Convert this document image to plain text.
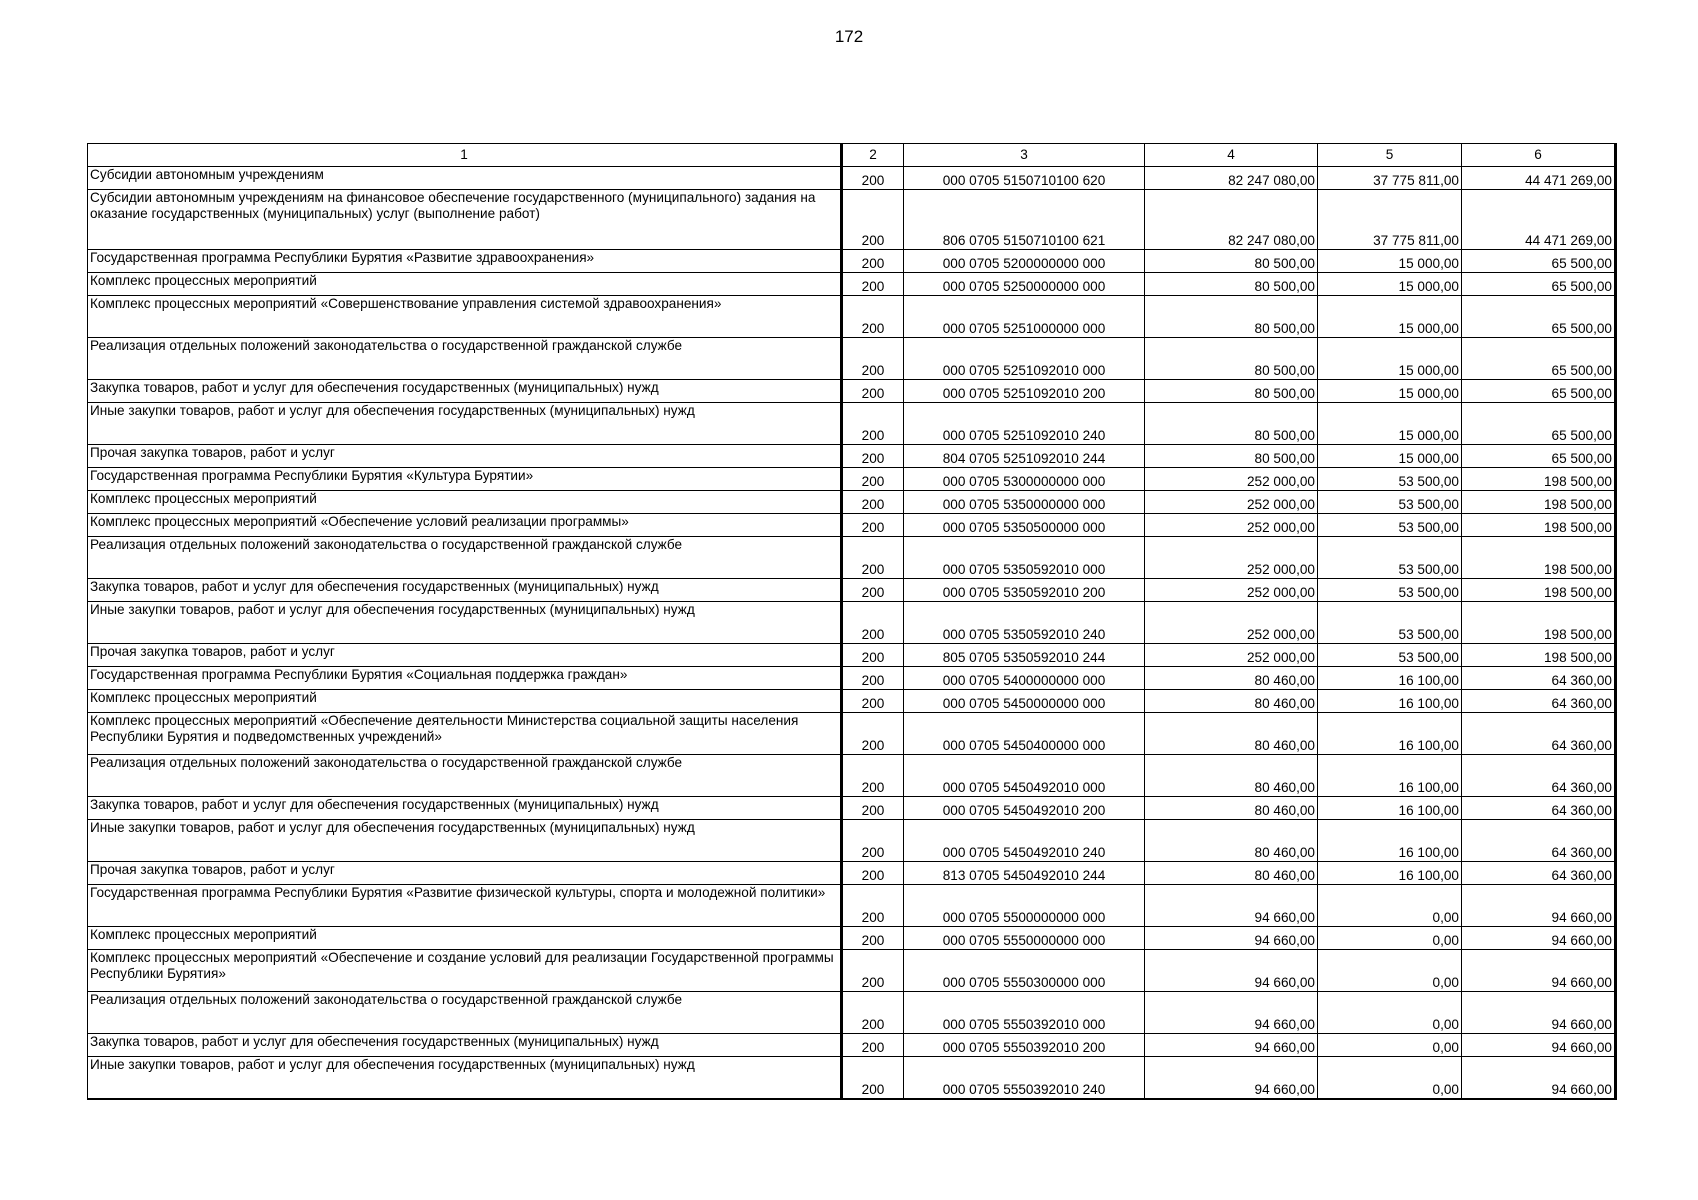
172
1	2	3	4	5	6
Субсидии автономным учреждениям	200	000 0705 5150710100 620	82 247 080,00	37 775 811,00	44 471 269,00
Субсидии автономным учреждениям на финансовое обеспечение государственного (муниципального) задания на оказание государственных (муниципальных) услуг (выполнение работ)	200	806 0705 5150710100 621	82 247 080,00	37 775 811,00	44 471 269,00
Государственная программа Республики Бурятия «Развитие здравоохранения»	200	000 0705 5200000000 000	80 500,00	15 000,00	65 500,00
Комплекс процессных мероприятий	200	000 0705 5250000000 000	80 500,00	15 000,00	65 500,00
Комплекс процессных мероприятий «Совершенствование управления системой здравоохранения»	200	000 0705 5251000000 000	80 500,00	15 000,00	65 500,00
Реализация отдельных положений законодательства о государственной гражданской службе	200	000 0705 5251092010 000	80 500,00	15 000,00	65 500,00
Закупка товаров, работ и услуг для обеспечения государственных (муниципальных) нужд	200	000 0705 5251092010 200	80 500,00	15 000,00	65 500,00
Иные закупки товаров, работ и услуг для обеспечения государственных (муниципальных) нужд	200	000 0705 5251092010 240	80 500,00	15 000,00	65 500,00
Прочая закупка товаров, работ и услуг	200	804 0705 5251092010 244	80 500,00	15 000,00	65 500,00
Государственная программа Республики Бурятия «Культура Бурятии»	200	000 0705 5300000000 000	252 000,00	53 500,00	198 500,00
Комплекс процессных мероприятий	200	000 0705 5350000000 000	252 000,00	53 500,00	198 500,00
Комплекс процессных мероприятий «Обеспечение условий реализации программы»	200	000 0705 5350500000 000	252 000,00	53 500,00	198 500,00
Реализация отдельных положений законодательства о государственной гражданской службе	200	000 0705 5350592010 000	252 000,00	53 500,00	198 500,00
Закупка товаров, работ и услуг для обеспечения государственных (муниципальных) нужд	200	000 0705 5350592010 200	252 000,00	53 500,00	198 500,00
Иные закупки товаров, работ и услуг для обеспечения государственных (муниципальных) нужд	200	000 0705 5350592010 240	252 000,00	53 500,00	198 500,00
Прочая закупка товаров, работ и услуг	200	805 0705 5350592010 244	252 000,00	53 500,00	198 500,00
Государственная программа Республики Бурятия «Социальная поддержка граждан»	200	000 0705 5400000000 000	80 460,00	16 100,00	64 360,00
Комплекс процессных мероприятий	200	000 0705 5450000000 000	80 460,00	16 100,00	64 360,00
Комплекс процессных мероприятий «Обеспечение деятельности Министерства социальной защиты населения Республики Бурятия и подведомственных учреждений»	200	000 0705 5450400000 000	80 460,00	16 100,00	64 360,00
Реализация отдельных положений законодательства о государственной гражданской службе	200	000 0705 5450492010 000	80 460,00	16 100,00	64 360,00
Закупка товаров, работ и услуг для обеспечения государственных (муниципальных) нужд	200	000 0705 5450492010 200	80 460,00	16 100,00	64 360,00
Иные закупки товаров, работ и услуг для обеспечения государственных (муниципальных) нужд	200	000 0705 5450492010 240	80 460,00	16 100,00	64 360,00
Прочая закупка товаров, работ и услуг	200	813 0705 5450492010 244	80 460,00	16 100,00	64 360,00
Государственная программа Республики Бурятия «Развитие физической культуры, спорта и молодежной политики»	200	000 0705 5500000000 000	94 660,00	0,00	94 660,00
Комплекс процессных мероприятий	200	000 0705 5550000000 000	94 660,00	0,00	94 660,00
Комплекс процессных мероприятий «Обеспечение и создание условий для реализации Государственной программы Республики Бурятия»	200	000 0705 5550300000 000	94 660,00	0,00	94 660,00
Реализация отдельных положений законодательства о государственной гражданской службе	200	000 0705 5550392010 000	94 660,00	0,00	94 660,00
Закупка товаров, работ и услуг для обеспечения государственных (муниципальных) нужд	200	000 0705 5550392010 200	94 660,00	0,00	94 660,00
Иные закупки товаров, работ и услуг для обеспечения государственных (муниципальных) нужд	200	000 0705 5550392010 240	94 660,00	0,00	94 660,00
